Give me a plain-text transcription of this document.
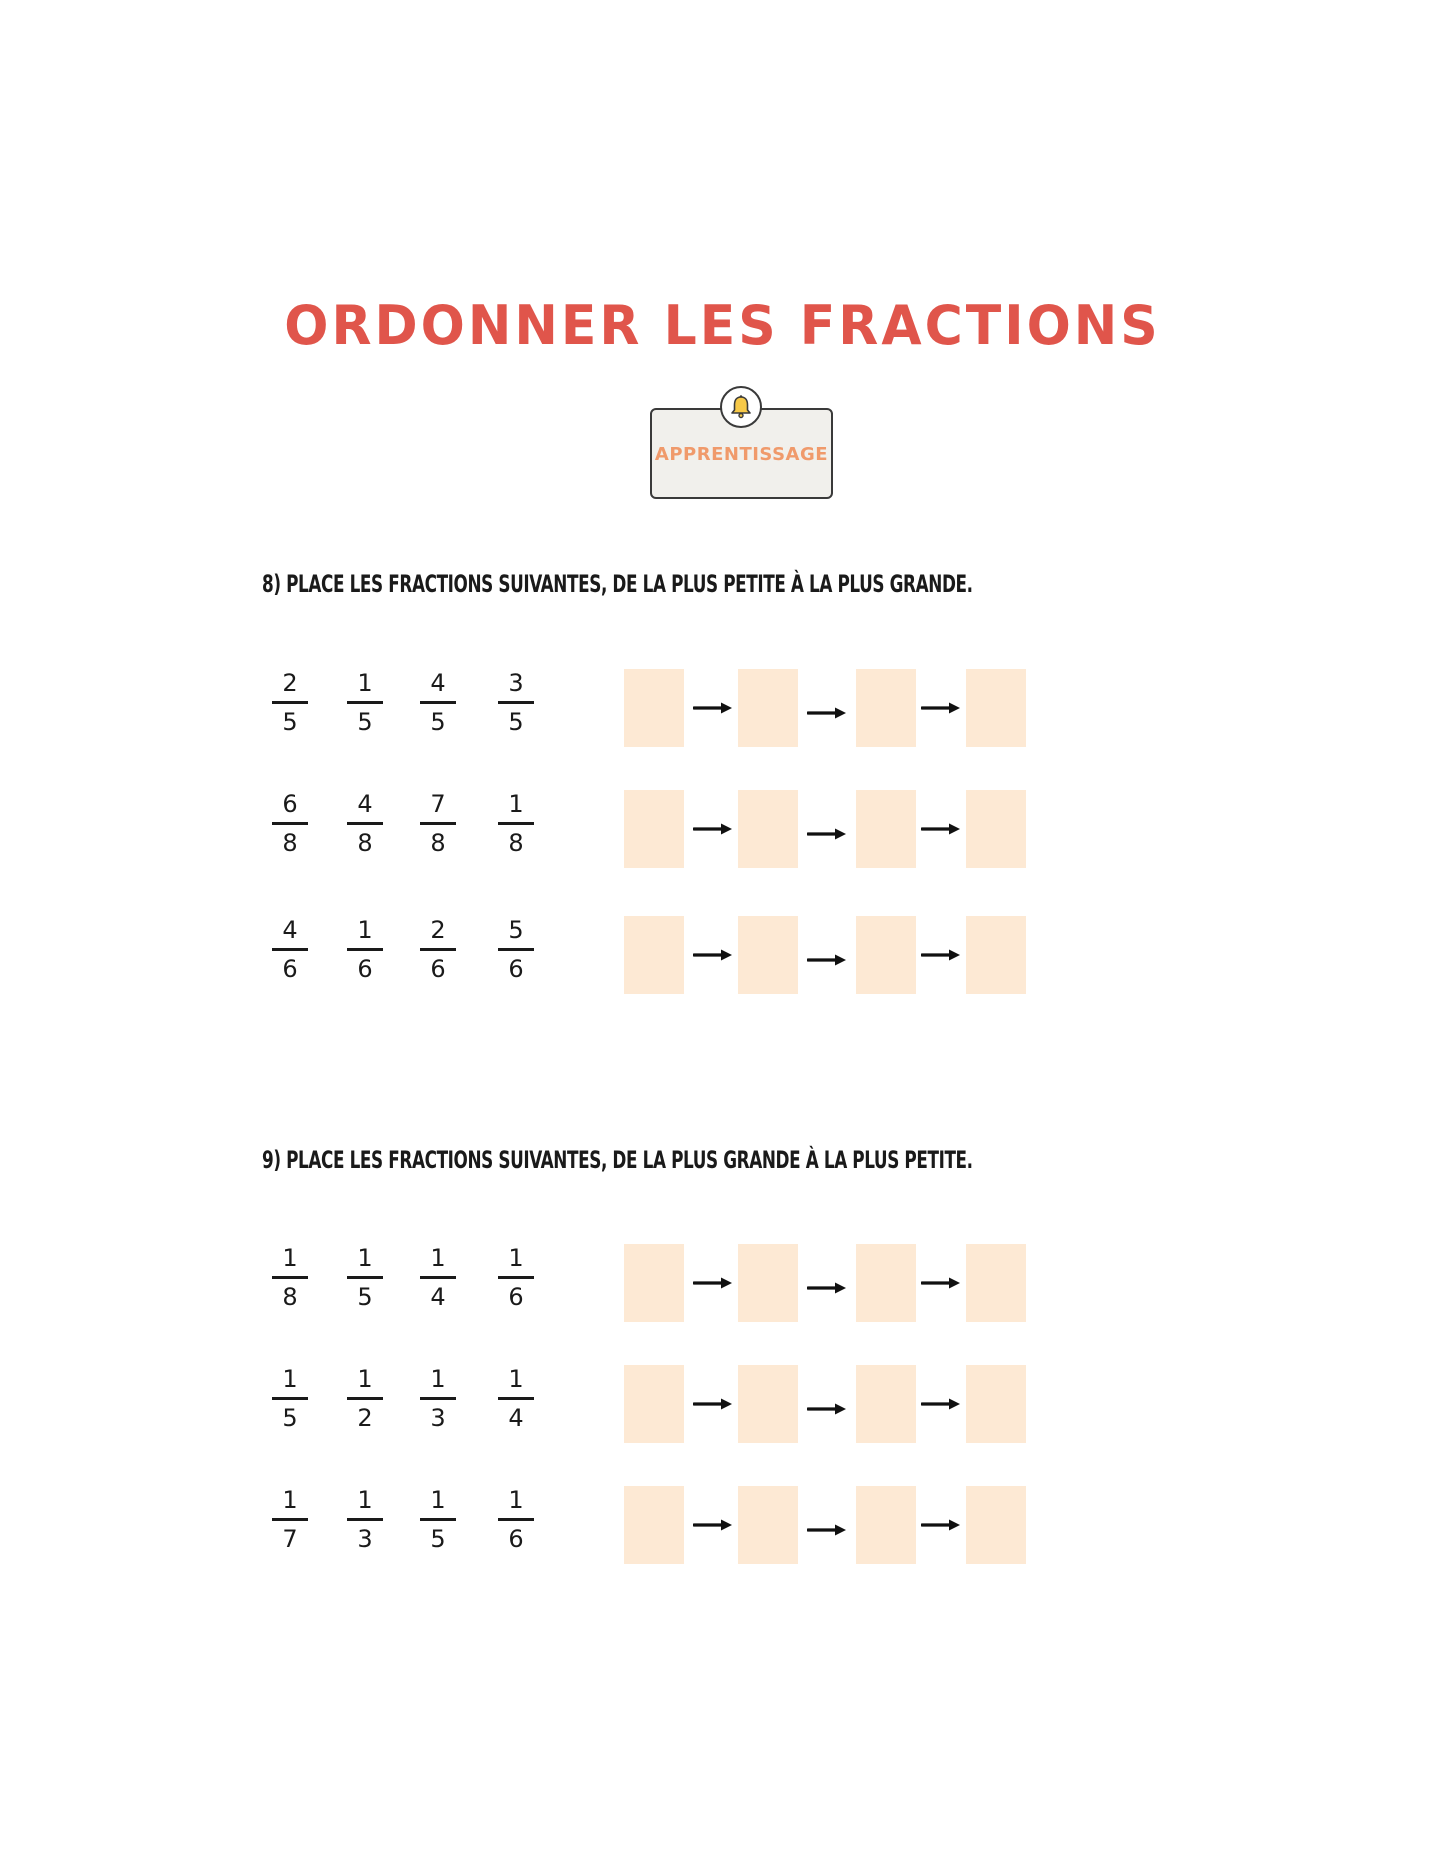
ORDONNER LES FRACTIONS
APPRENTISSAGE
8) PLACE LES FRACTIONS SUIVANTES, DE LA PLUS PETITE À LA PLUS GRANDE.
9) PLACE LES FRACTIONS SUIVANTES, DE LA PLUS GRANDE À LA PLUS PETITE.
2
5
1
5
4
5
3
5
6
8
4
8
7
8
1
8
4
6
1
6
2
6
5
6
1
8
1
5
1
4
1
6
1
5
1
2
1
3
1
4
1
7
1
3
1
5
1
6
